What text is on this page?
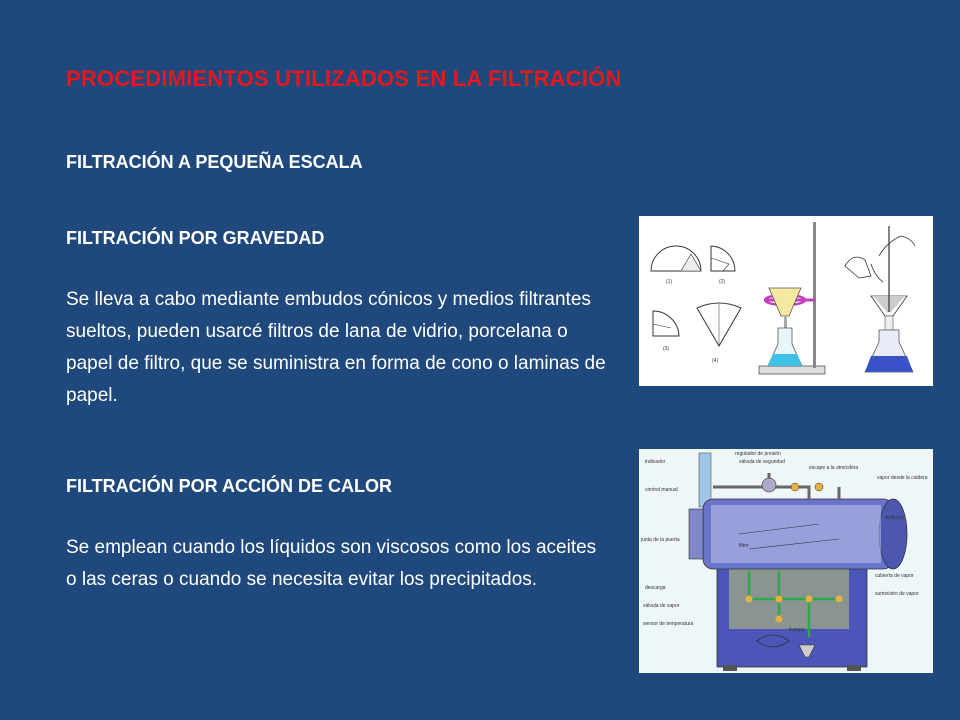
PROCEDIMIENTOS UTILIZADOS EN LA FILTRACIÓN
FILTRACIÓN A PEQUEÑA ESCALA
FILTRACIÓN POR GRAVEDAD
Se lleva a cabo mediante embudos cónicos y medios filtrantes sueltos, pueden usarcé filtros de lana de vidrio, porcelana o papel de filtro, que se suministra en forma de cono o laminas de papel.
FILTRACIÓN POR ACCIÓN DE CALOR
Se emplean cuando los líquidos son viscosos como los aceites o las ceras o cuando se necesita evitar los precipitados.
(1)	(2)
(3)
(4)
indicador
regulador de presión
válvula de seguridad
escape a la atmósfera
control manual
vapor desde la caldera
deflector
junta de la puerta
filtro
descarga
válvula de vapor
sensor de temperatura
cubierta de vapor
suministro de vapor
trampa
